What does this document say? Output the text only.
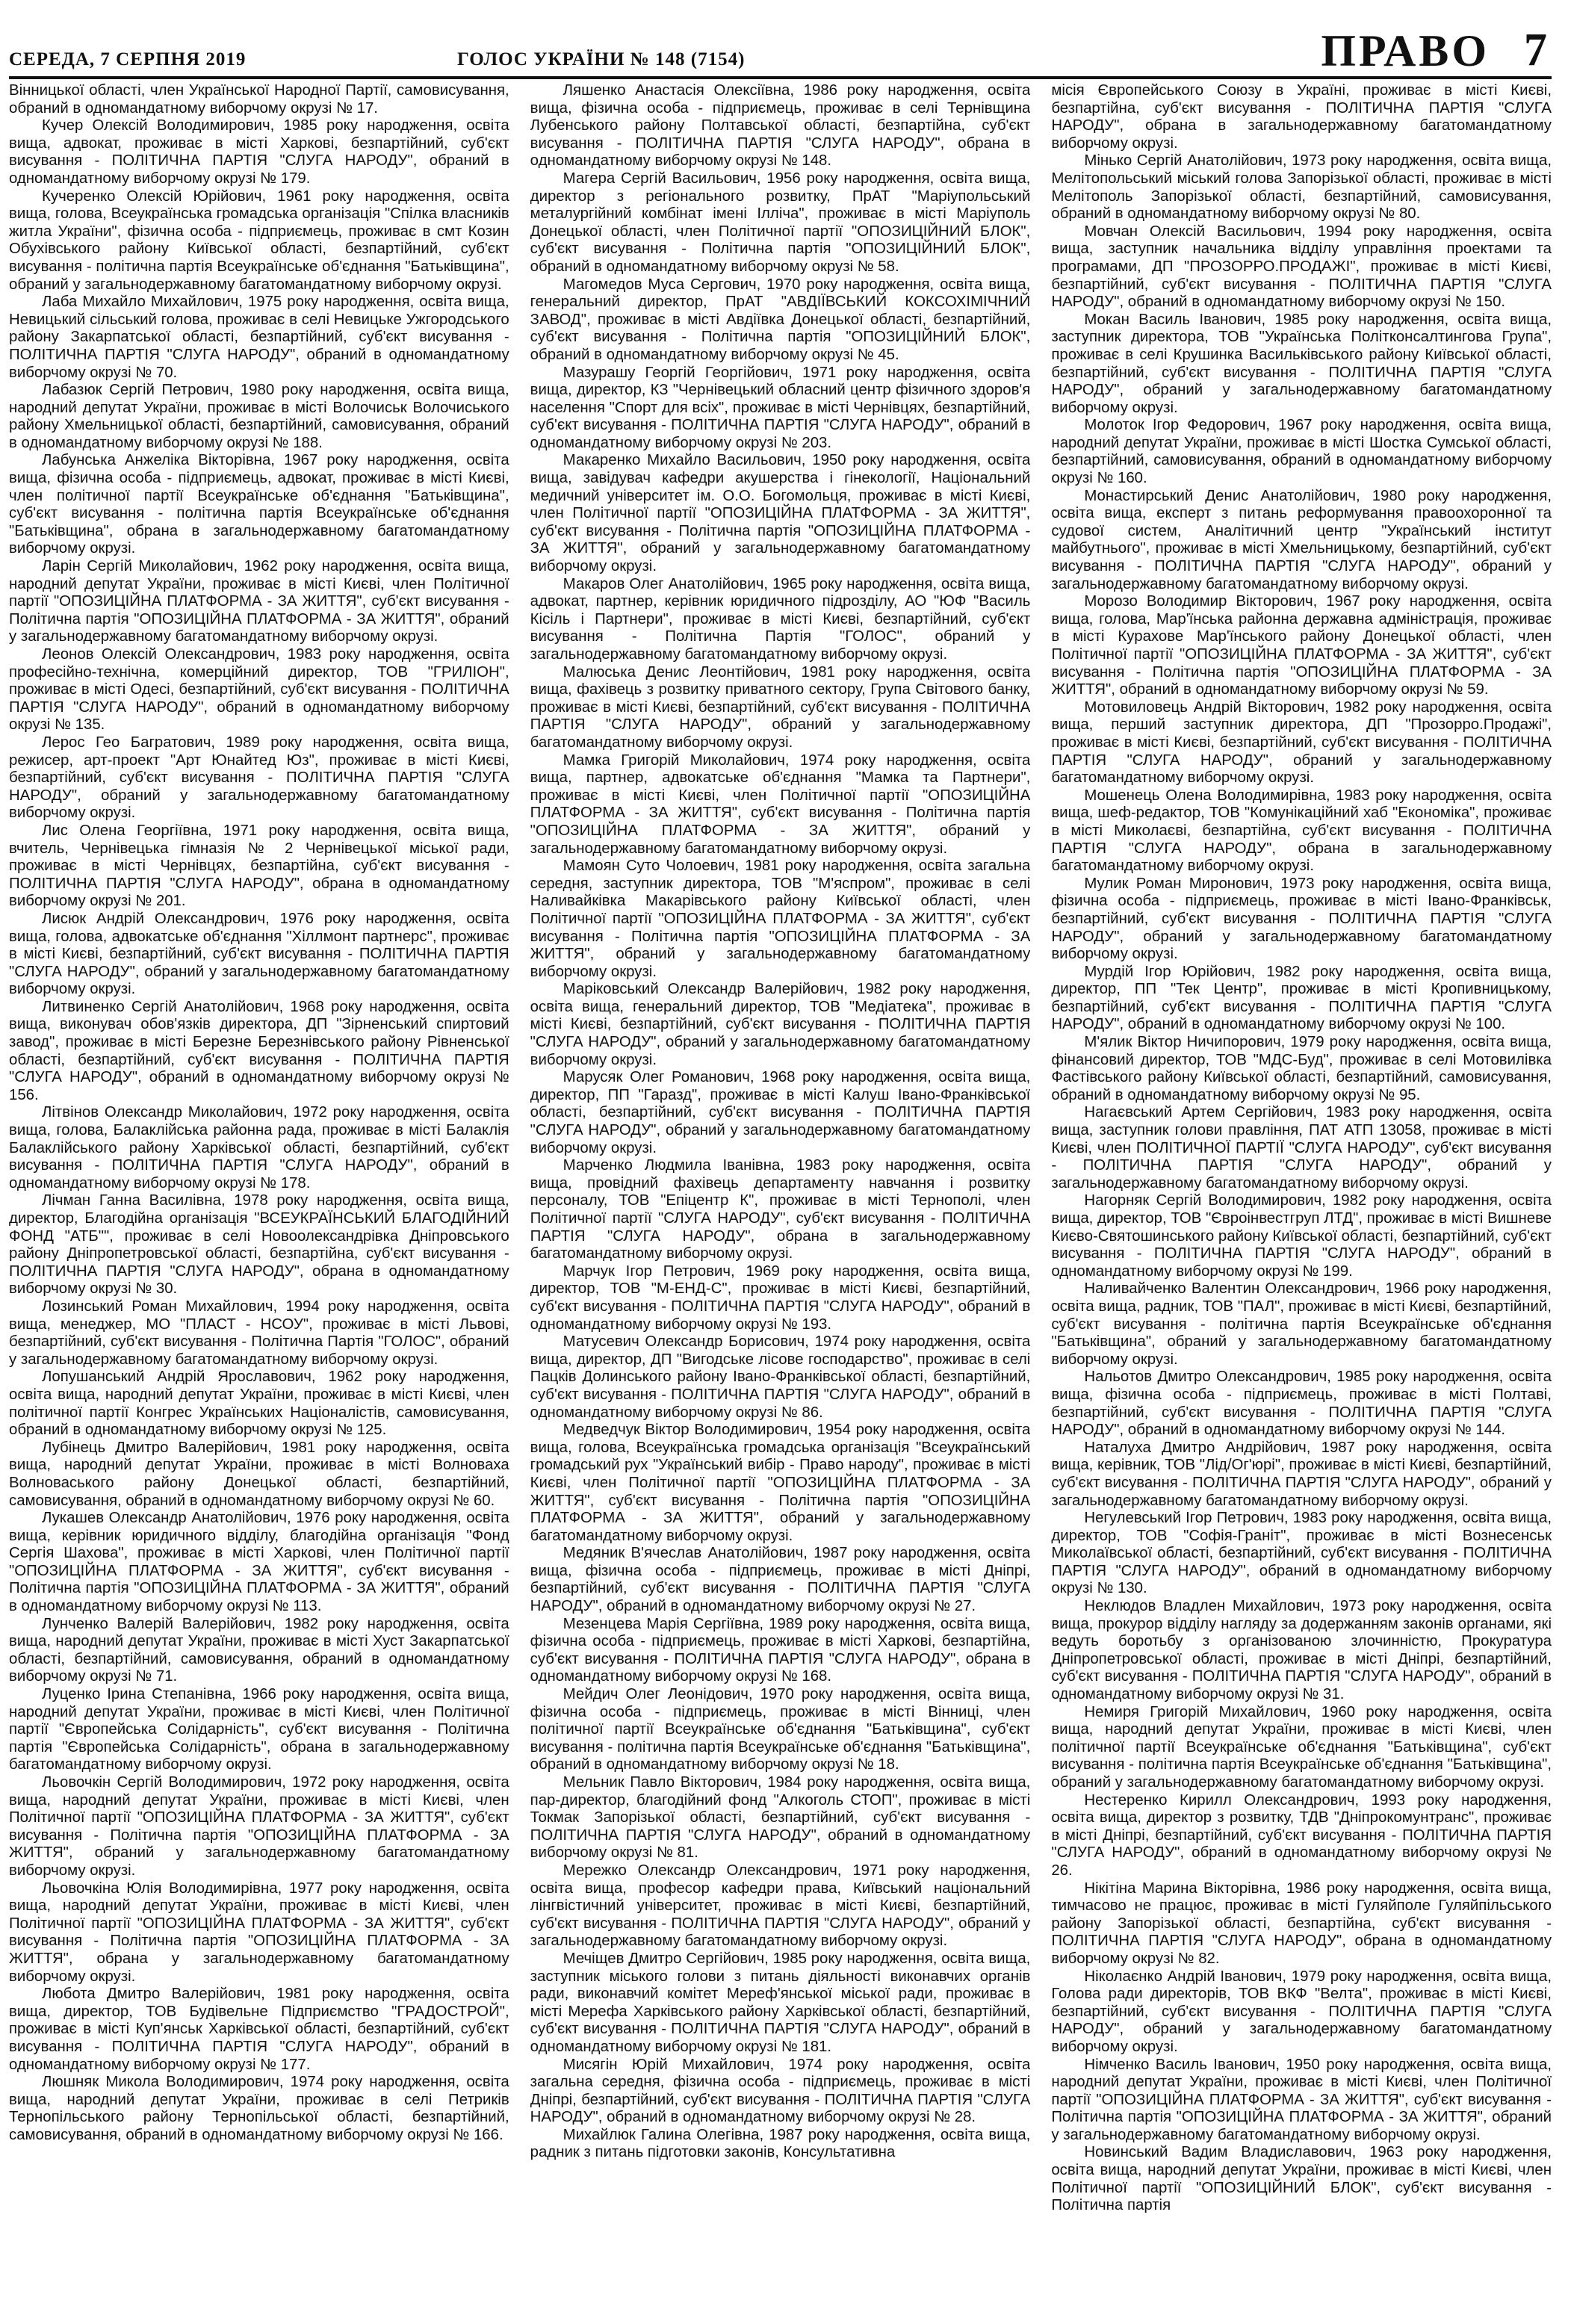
СЕРЕДА, 7 СЕРПНЯ 2019	ГОЛОС УКРАЇНИ № 148 (7154)	ПРАВО 7

Вінницької області, член Української Народної Партії, самовисування, обраний в одномандатному виборчому окрузі № 17.

Кучер Олексій Володимирович, 1985 року народження, освіта вища, адвокат, проживає в місті Харкові, безпартійний, суб'єкт висування - ПОЛІТИЧНА ПАРТІЯ "СЛУГА НАРОДУ", обраний в одномандатному виборчому окрузі № 179.

Кучеренко Олексій Юрійович, 1961 року народження, освіта вища, голова, Всеукраїнська громадська організація "Спілка власників житла України", фізична особа - підприємець, проживає в смт Козин Обухівського району Київської області, безпартійний, суб'єкт висування - політична партія Всеукраїнське об'єднання "Батьківщина", обраний у загальнодержавному багатомандатному виборчому окрузі.

Лаба Михайло Михайлович, 1975 року народження, освіта вища, Невицький сільський голова, проживає в селі Невицьке Ужгородського району Закарпатської області, безпартійний, суб'єкт висування - ПОЛІТИЧНА ПАРТІЯ "СЛУГА НАРОДУ", обраний в одномандатному виборчому окрузі № 70.

Лабазюк Сергій Петрович, 1980 року народження, освіта вища, народний депутат України, проживає в місті Волочиськ Волочиського району Хмельницької області, безпартійний, самовисування, обраний в одномандатному виборчому окрузі № 188.

Лабунська Анжеліка Вікторівна, 1967 року народження, освіта вища, фізична особа - підприємець, адвокат, проживає в місті Києві, член політичної партії Всеукраїнське об'єднання "Батьківщина", суб'єкт висування - політична партія Всеукраїнське об'єднання "Батьківщина", обрана в загальнодержавному багатомандатному виборчому окрузі.

Ларін Сергій Миколайович, 1962 року народження, освіта вища, народний депутат України, проживає в місті Києві, член Політичної партії "ОПОЗИЦІЙНА ПЛАТФОРМА - ЗА ЖИТТЯ", суб'єкт висування - Політична партія "ОПОЗИЦІЙНА ПЛАТФОРМА - ЗА ЖИТТЯ", обраний у загальнодержавному багатомандатному виборчому окрузі.

Леонов Олексій Олександрович, 1983 року народження, освіта професійно-технічна, комерційний директор, ТОВ "ГРИЛІОН", проживає в місті Одесі, безпартійний, суб'єкт висування - ПОЛІТИЧНА ПАРТІЯ "СЛУГА НАРОДУ", обраний в одномандатному виборчому окрузі № 135.

Лерос Гео Багратович, 1989 року народження, освіта вища, режисер, арт-проект "Арт Юнайтед Юз", проживає в місті Києві, безпартійний, суб'єкт висування - ПОЛІТИЧНА ПАРТІЯ "СЛУГА НАРОДУ", обраний у загальнодержавному багатомандатному виборчому окрузі.

Лис Олена Георгіївна, 1971 року народження, освіта вища, вчитель, Чернівецька гімназія № 2 Чернівецької міської ради, проживає в місті Чернівцях, безпартійна, суб'єкт висування - ПОЛІТИЧНА ПАРТІЯ "СЛУГА НАРОДУ", обрана в одномандатному виборчому окрузі № 201.

Лисюк Андрій Олександрович, 1976 року народження, освіта вища, голова, адвокатське об'єднання "Хіллмонт партнерс", проживає в місті Києві, безпартійний, суб'єкт висування - ПОЛІТИЧНА ПАРТІЯ "СЛУГА НАРОДУ", обраний у загальнодержавному багатомандатному виборчому окрузі.

Литвиненко Сергій Анатолійович, 1968 року народження, освіта вища, виконувач обов'язків директора, ДП "Зірненський спиртовий завод", проживає в місті Березне Березнівського району Рівненської області, безпартійний, суб'єкт висування - ПОЛІТИЧНА ПАРТІЯ "СЛУГА НАРОДУ", обраний в одномандатному виборчому окрузі № 156.

Літвінов Олександр Миколайович, 1972 року народження, освіта вища, голова, Балаклійська районна рада, проживає в місті Балаклія Балаклійського району Харківської області, безпартійний, суб'єкт висування - ПОЛІТИЧНА ПАРТІЯ "СЛУГА НАРОДУ", обраний в одномандатному виборчому окрузі № 178.

Лічман Ганна Василівна, 1978 року народження, освіта вища, директор, Благодійна організація "ВСЕУКРАЇНСЬКИЙ БЛАГОДІЙНИЙ ФОНД "АТБ"", проживає в селі Новоолександрівка Дніпровського району Дніпропетровської області, безпартійна, суб'єкт висування - ПОЛІТИЧНА ПАРТІЯ "СЛУГА НАРОДУ", обрана в одномандатному виборчому окрузі № 30.

Лозинський Роман Михайлович, 1994 року народження, освіта вища, менеджер, МО "ПЛАСТ - НСОУ", проживає в місті Львові, безпартійний, суб'єкт висування - Політична Партія "ГОЛОС", обраний у загальнодержавному багатомандатному виборчому окрузі.

Лопушанський Андрій Ярославович, 1962 року народження, освіта вища, народний депутат України, проживає в місті Києві, член політичної партії Конгрес Українських Націоналістів, самовисування, обраний в одномандатному виборчому окрузі № 125.

Лубінець Дмитро Валерійович, 1981 року народження, освіта вища, народний депутат України, проживає в місті Волноваха Волноваського району Донецької області, безпартійний, самовисування, обраний в одномандатному виборчому окрузі № 60.

Лукашев Олександр Анатолійович, 1976 року народження, освіта вища, керівник юридичного відділу, благодійна організація "Фонд Сергія Шахова", проживає в місті Харкові, член Політичної партії "ОПОЗИЦІЙНА ПЛАТФОРМА - ЗА ЖИТТЯ", суб'єкт висування - Політична партія "ОПОЗИЦІЙНА ПЛАТФОРМА - ЗА ЖИТТЯ", обраний в одномандатному виборчому окрузі № 113.

Лунченко Валерій Валерійович, 1982 року народження, освіта вища, народний депутат України, проживає в місті Хуст Закарпатської області, безпартійний, самовисування, обраний в одномандатному виборчому окрузі № 71.

Луценко Ірина Степанівна, 1966 року народження, освіта вища, народний депутат України, проживає в місті Києві, член Політичної партії "Європейська Солідарність", суб'єкт висування - Політична партія "Європейська Солідарність", обрана в загальнодержавному багатомандатному виборчому окрузі.

Льовочкін Сергій Володимирович, 1972 року народження, освіта вища, народний депутат України, проживає в місті Києві, член Політичної партії "ОПОЗИЦІЙНА ПЛАТФОРМА - ЗА ЖИТТЯ", суб'єкт висування - Політична партія "ОПОЗИЦІЙНА ПЛАТФОРМА - ЗА ЖИТТЯ", обраний у загальнодержавному багатомандатному виборчому окрузі.

Льовочкіна Юлія Володимирівна, 1977 року народження, освіта вища, народний депутат України, проживає в місті Києві, член Політичної партії "ОПОЗИЦІЙНА ПЛАТФОРМА - ЗА ЖИТТЯ", суб'єкт висування - Політична партія "ОПОЗИЦІЙНА ПЛАТФОРМА - ЗА ЖИТТЯ", обрана у загальнодержавному багатомандатному виборчому окрузі.

Любота Дмитро Валерійович, 1981 року народження, освіта вища, директор, ТОВ Будівельне Підприємство "ГРАДОСТРОЙ", проживає в місті Куп'янськ Харківської області, безпартійний, суб'єкт висування - ПОЛІТИЧНА ПАРТІЯ "СЛУГА НАРОДУ", обраний в одномандатному виборчому окрузі № 177.

Люшняк Микола Володимирович, 1974 року народження, освіта вища, народний депутат України, проживає в селі Петриків Тернопільського району Тернопільської області, безпартійний, самовисування, обраний в одномандатному виборчому окрузі № 166.

Ляшенко Анастасія Олексіївна, 1986 року народження, освіта вища, фізична особа - підприємець, проживає в селі Тернівщина Лубенського району Полтавської області, безпартійна, суб'єкт висування - ПОЛІТИЧНА ПАРТІЯ "СЛУГА НАРОДУ", обрана в одномандатному виборчому окрузі № 148.

Магера Сергій Васильович, 1956 року народження, освіта вища, директор з регіонального розвитку, ПрАТ "Маріупольський металургійний комбінат імені Ілліча", проживає в місті Маріуполь Донецької області, член Політичної партії "ОПОЗИЦІЙНИЙ БЛОК", суб'єкт висування - Політична партія "ОПОЗИЦІЙНИЙ БЛОК", обраний в одномандатному виборчому окрузі № 58.

Магомедов Муса Сергович, 1970 року народження, освіта вища, генеральний директор, ПрАТ "АВДІЇВСЬКИЙ КОКСОХІМІЧНИЙ ЗАВОД", проживає в місті Авдіївка Донецької області, безпартійний, суб'єкт висування - Політична партія "ОПОЗИЦІЙНИЙ БЛОК", обраний в одномандатному виборчому окрузі № 45.

Мазурашу Георгій Георгійович, 1971 року народження, освіта вища, директор, КЗ "Чернівецький обласний центр фізичного здоров'я населення "Спорт для всіх", проживає в місті Чернівцях, безпартійний, суб'єкт висування - ПОЛІТИЧНА ПАРТІЯ "СЛУГА НАРОДУ", обраний в одномандатному виборчому окрузі № 203.

Макаренко Михайло Васильович, 1950 року народження, освіта вища, завідувач кафедри акушерства і гінекології, Національний медичний університет ім. О.О. Богомольця, проживає в місті Києві, член Політичної партії "ОПОЗИЦІЙНА ПЛАТФОРМА - ЗА ЖИТТЯ", суб'єкт висування - Політична партія "ОПОЗИЦІЙНА ПЛАТФОРМА - ЗА ЖИТТЯ", обраний у загальнодержавному багатомандатному виборчому окрузі.

Макаров Олег Анатолійович, 1965 року народження, освіта вища, адвокат, партнер, керівник юридичного підрозділу, АО "ЮФ "Василь Кісіль і Партнери", проживає в місті Києві, безпартійний, суб'єкт висування - Політична Партія "ГОЛОС", обраний у загальнодержавному багатомандатному виборчому окрузі.

Малюська Денис Леонтійович, 1981 року народження, освіта вища, фахівець з розвитку приватного сектору, Група Світового банку, проживає в місті Києві, безпартійний, суб'єкт висування - ПОЛІТИЧНА ПАРТІЯ "СЛУГА НАРОДУ", обраний у загальнодержавному багатомандатному виборчому окрузі.

Мамка Григорій Миколайович, 1974 року народження, освіта вища, партнер, адвокатське об'єднання "Мамка та Партнери", проживає в місті Києві, член Політичної партії "ОПОЗИЦІЙНА ПЛАТФОРМА - ЗА ЖИТТЯ", суб'єкт висування - Політична партія "ОПОЗИЦІЙНА ПЛАТФОРМА - ЗА ЖИТТЯ", обраний у загальнодержавному багатомандатному виборчому окрузі.

Мамоян Суто Чолоевич, 1981 року народження, освіта загальна середня, заступник директора, ТОВ "М'яспром", проживає в селі Наливайківка Макарівського району Київської області, член Політичної партії "ОПОЗИЦІЙНА ПЛАТФОРМА - ЗА ЖИТТЯ", суб'єкт висування - Політична партія "ОПОЗИЦІЙНА ПЛАТФОРМА - ЗА ЖИТТЯ", обраний у загальнодержавному багатомандатному виборчому окрузі.

Маріковський Олександр Валерійович, 1982 року народження, освіта вища, генеральний директор, ТОВ "Медіатека", проживає в місті Києві, безпартійний, суб'єкт висування - ПОЛІТИЧНА ПАРТІЯ "СЛУГА НАРОДУ", обраний у загальнодержавному багатомандатному виборчому окрузі.

Марусяк Олег Романович, 1968 року народження, освіта вища, директор, ПП "Гаразд", проживає в місті Калуш Івано-Франківської області, безпартійний, суб'єкт висування - ПОЛІТИЧНА ПАРТІЯ "СЛУГА НАРОДУ", обраний у загальнодержавному багатомандатному виборчому окрузі.

Марченко Людмила Іванівна, 1983 року народження, освіта вища, провідний фахівець департаменту навчання і розвитку персоналу, ТОВ "Епіцентр К", проживає в місті Тернополі, член Політичної партії "СЛУГА НАРОДУ", суб'єкт висування - ПОЛІТИЧНА ПАРТІЯ "СЛУГА НАРОДУ", обрана в загальнодержавному багатомандатному виборчому окрузі.

Марчук Ігор Петрович, 1969 року народження, освіта вища, директор, ТОВ "М-ЕНД-С", проживає в місті Києві, безпартійний, суб'єкт висування - ПОЛІТИЧНА ПАРТІЯ "СЛУГА НАРОДУ", обраний в одномандатному виборчому окрузі № 193.

Матусевич Олександр Борисович, 1974 року народження, освіта вища, директор, ДП "Вигодське лісове господарство", проживає в селі Пацків Долинського району Івано-Франківської області, безпартійний, суб'єкт висування - ПОЛІТИЧНА ПАРТІЯ "СЛУГА НАРОДУ", обраний в одномандатному виборчому окрузі № 86.

Медведчук Віктор Володимирович, 1954 року народження, освіта вища, голова, Всеукраїнська громадська організація "Всеукраїнський громадський рух "Український вибір - Право народу", проживає в місті Києві, член Політичної партії "ОПОЗИЦІЙНА ПЛАТФОРМА - ЗА ЖИТТЯ", суб'єкт висування - Політична партія "ОПОЗИЦІЙНА ПЛАТФОРМА - ЗА ЖИТТЯ", обраний у загальнодержавному багатомандатному виборчому окрузі.

Медяник В'ячеслав Анатолійович, 1987 року народження, освіта вища, фізична особа - підприємець, проживає в місті Дніпрі, безпартійний, суб'єкт висування - ПОЛІТИЧНА ПАРТІЯ "СЛУГА НАРОДУ", обраний в одномандатному виборчому окрузі № 27.

Мезенцева Марія Сергіївна, 1989 року народження, освіта вища, фізична особа - підприємець, проживає в місті Харкові, безпартійна, суб'єкт висування - ПОЛІТИЧНА ПАРТІЯ "СЛУГА НАРОДУ", обрана в одномандатному виборчому окрузі № 168.

Мейдич Олег Леонідович, 1970 року народження, освіта вища, фізична особа - підприємець, проживає в місті Вінниці, член політичної партії Всеукраїнське об'єднання "Батьківщина", суб'єкт висування - політична партія Всеукраїнське об'єднання "Батьківщина", обраний в одномандатному виборчому окрузі № 18.

Мельник Павло Вікторович, 1984 року народження, освіта вища, пар-директор, благодійний фонд "Алкоголь СТОП", проживає в місті Токмак Запорізької області, безпартійний, суб'єкт висування - ПОЛІТИЧНА ПАРТІЯ "СЛУГА НАРОДУ", обраний в одномандатному виборчому окрузі № 81.

Мережко Олександр Олександрович, 1971 року народження, освіта вища, професор кафедри права, Київський національний лінгвістичний університет, проживає в місті Києві, безпартійний, суб'єкт висування - ПОЛІТИЧНА ПАРТІЯ "СЛУГА НАРОДУ", обраний у загальнодержавному багатомандатному виборчому окрузі.

Мечіщев Дмитро Сергійович, 1985 року народження, освіта вища, заступник міського голови з питань діяльності виконавчих органів ради, виконавчий комітет Мереф'янської міської ради, проживає в місті Мерефа Харківського району Харківської області, безпартійний, суб'єкт висування - ПОЛІТИЧНА ПАРТІЯ "СЛУГА НАРОДУ", обраний в одномандатному виборчому окрузі № 181.

Мисягін Юрій Михайлович, 1974 року народження, освіта загальна середня, фізична особа - підприємець, проживає в місті Дніпрі, безпартійний, суб'єкт висування - ПОЛІТИЧНА ПАРТІЯ "СЛУГА НАРОДУ", обраний в одномандатному виборчому окрузі № 28.

Михайлюк Галина Олегівна, 1987 року народження, освіта вища, радник з питань підготовки законів, Консультативна

місія Європейського Союзу в Україні, проживає в місті Києві, безпартійна, суб'єкт висування - ПОЛІТИЧНА ПАРТІЯ "СЛУГА НАРОДУ", обрана в загальнодержавному багатомандатному виборчому окрузі.

Мінько Сергій Анатолійович, 1973 року народження, освіта вища, Мелітопольський міський голова Запорізької області, проживає в місті Мелітополь Запорізької області, безпартійний, самовисування, обраний в одномандатному виборчому окрузі № 80.

Мовчан Олексій Васильович, 1994 року народження, освіта вища, заступник начальника відділу управління проектами та програмами, ДП "ПРОЗОРРО.ПРОДАЖІ", проживає в місті Києві, безпартійний, суб'єкт висування - ПОЛІТИЧНА ПАРТІЯ "СЛУГА НАРОДУ", обраний в одномандатному виборчому окрузі № 150.

Мокан Василь Іванович, 1985 року народження, освіта вища, заступник директора, ТОВ "Українська Політконсалтингова Група", проживає в селі Крушинка Васильківського району Київської області, безпартійний, суб'єкт висування - ПОЛІТИЧНА ПАРТІЯ "СЛУГА НАРОДУ", обраний у загальнодержавному багатомандатному виборчому окрузі.

Молоток Ігор Федорович, 1967 року народження, освіта вища, народний депутат України, проживає в місті Шостка Сумської області, безпартійний, самовисування, обраний в одномандатному виборчому окрузі № 160.

Монастирський Денис Анатолійович, 1980 року народження, освіта вища, експерт з питань реформування правоохоронної та судової систем, Аналітичний центр "Український інститут майбутнього", проживає в місті Хмельницькому, безпартійний, суб'єкт висування - ПОЛІТИЧНА ПАРТІЯ "СЛУГА НАРОДУ", обраний у загальнодержавному багатомандатному виборчому окрузі.

Морозо Володимир Вікторович, 1967 року народження, освіта вища, голова, Мар'їнська районна державна адміністрація, проживає в місті Курахове Мар'їнського району Донецької області, член Політичної партії "ОПОЗИЦІЙНА ПЛАТФОРМА - ЗА ЖИТТЯ", суб'єкт висування - Політична партія "ОПОЗИЦІЙНА ПЛАТФОРМА - ЗА ЖИТТЯ", обраний в одномандатному виборчому окрузі № 59.

Мотовиловець Андрій Вікторович, 1982 року народження, освіта вища, перший заступник директора, ДП "Прозорро.Продажі", проживає в місті Києві, безпартійний, суб'єкт висування - ПОЛІТИЧНА ПАРТІЯ "СЛУГА НАРОДУ", обраний у загальнодержавному багатомандатному виборчому окрузі.

Мошенець Олена Володимирівна, 1983 року народження, освіта вища, шеф-редактор, ТОВ "Комунікаційний хаб "Економіка", проживає в місті Миколаєві, безпартійна, суб'єкт висування - ПОЛІТИЧНА ПАРТІЯ "СЛУГА НАРОДУ", обрана в загальнодержавному багатомандатному виборчому окрузі.

Мулик Роман Миронович, 1973 року народження, освіта вища, фізична особа - підприємець, проживає в місті Івано-Франківськ, безпартійний, суб'єкт висування - ПОЛІТИЧНА ПАРТІЯ "СЛУГА НАРОДУ", обраний у загальнодержавному багатомандатному виборчому окрузі.

Мурдій Ігор Юрійович, 1982 року народження, освіта вища, директор, ПП "Тек Центр", проживає в місті Кропивницькому, безпартійний, суб'єкт висування - ПОЛІТИЧНА ПАРТІЯ "СЛУГА НАРОДУ", обраний в одномандатному виборчому окрузі № 100.

М'ялик Віктор Ничипорович, 1979 року народження, освіта вища, фінансовий директор, ТОВ "МДС-Буд", проживає в селі Мотовилівка Фастівського району Київської області, безпартійний, самовисування, обраний в одномандатному виборчому окрузі № 95.

Нагаєвський Артем Сергійович, 1983 року народження, освіта вища, заступник голови правління, ПАТ АТП 13058, проживає в місті Києві, член ПОЛІТИЧНОЇ ПАРТІЇ "СЛУГА НАРОДУ", суб'єкт висування - ПОЛІТИЧНА ПАРТІЯ "СЛУГА НАРОДУ", обраний у загальнодержавному багатомандатному виборчому окрузі.

Нагорняк Сергій Володимирович, 1982 року народження, освіта вища, директор, ТОВ "Євроінвестгруп ЛТД", проживає в місті Вишневе Києво-Святошинського району Київської області, безпартійний, суб'єкт висування - ПОЛІТИЧНА ПАРТІЯ "СЛУГА НАРОДУ", обраний в одномандатному виборчому окрузі № 199.

Наливайченко Валентин Олександрович, 1966 року народження, освіта вища, радник, ТОВ "ПАЛ", проживає в місті Києві, безпартійний, суб'єкт висування - політична партія Всеукраїнське об'єднання "Батьківщина", обраний у загальнодержавному багатомандатному виборчому окрузі.

Нальотов Дмитро Олександрович, 1985 року народження, освіта вища, фізична особа - підприємець, проживає в місті Полтаві, безпартійний, суб'єкт висування - ПОЛІТИЧНА ПАРТІЯ "СЛУГА НАРОДУ", обраний в одномандатному виборчому окрузі № 144.

Наталуха Дмитро Андрійович, 1987 року народження, освіта вища, керівник, ТОВ "Лід/Ог'юрі", проживає в місті Києві, безпартійний, суб'єкт висування - ПОЛІТИЧНА ПАРТІЯ "СЛУГА НАРОДУ", обраний у загальнодержавному багатомандатному виборчому окрузі.

Негулевський Ігор Петрович, 1983 року народження, освіта вища, директор, ТОВ "Софія-Граніт", проживає в місті Вознесенськ Миколаївської області, безпартійний, суб'єкт висування - ПОЛІТИЧНА ПАРТІЯ "СЛУГА НАРОДУ", обраний в одномандатному виборчому окрузі № 130.

Неклюдов Владлен Михайлович, 1973 року народження, освіта вища, прокурор відділу нагляду за додержанням законів органами, які ведуть боротьбу з організованою злочинністю, Прокуратура Дніпропетровської області, проживає в місті Дніпрі, безпартійний, суб'єкт висування - ПОЛІТИЧНА ПАРТІЯ "СЛУГА НАРОДУ", обраний в одномандатному виборчому окрузі № 31.

Немиря Григорій Михайлович, 1960 року народження, освіта вища, народний депутат України, проживає в місті Києві, член політичної партії Всеукраїнське об'єднання "Батьківщина", суб'єкт висування - політична партія Всеукраїнське об'єднання "Батьківщина", обраний у загальнодержавному багатомандатному виборчому окрузі.

Нестеренко Кирилл Олександрович, 1993 року народження, освіта вища, директор з розвитку, ТДВ "Дніпрокомунтранс", проживає в місті Дніпрі, безпартійний, суб'єкт висування - ПОЛІТИЧНА ПАРТІЯ "СЛУГА НАРОДУ", обраний в одномандатному виборчому окрузі № 26.

Нікітіна Марина Вікторівна, 1986 року народження, освіта вища, тимчасово не працює, проживає в місті Гуляйполе Гуляйпільського району Запорізької області, безпартійна, суб'єкт висування - ПОЛІТИЧНА ПАРТІЯ "СЛУГА НАРОДУ", обрана в одномандатному виборчому окрузі № 82.

Ніколаєнко Андрій Іванович, 1979 року народження, освіта вища, Голова ради директорів, ТОВ ВКФ "Велта", проживає в місті Києві, безпартійний, суб'єкт висування - ПОЛІТИЧНА ПАРТІЯ "СЛУГА НАРОДУ", обраний у загальнодержавному багатомандатному виборчому окрузі.

Німченко Василь Іванович, 1950 року народження, освіта вища, народний депутат України, проживає в місті Києві, член Політичної партії "ОПОЗИЦІЙНА ПЛАТФОРМА - ЗА ЖИТТЯ", суб'єкт висування - Політична партія "ОПОЗИЦІЙНА ПЛАТФОРМА - ЗА ЖИТТЯ", обраний у загальнодержавному багатомандатному виборчому окрузі.

Новинський Вадим Владиславович, 1963 року народження, освіта вища, народний депутат України, проживає в місті Києві, член Політичної партії "ОПОЗИЦІЙНИЙ БЛОК", суб'єкт висування - Політична партія
